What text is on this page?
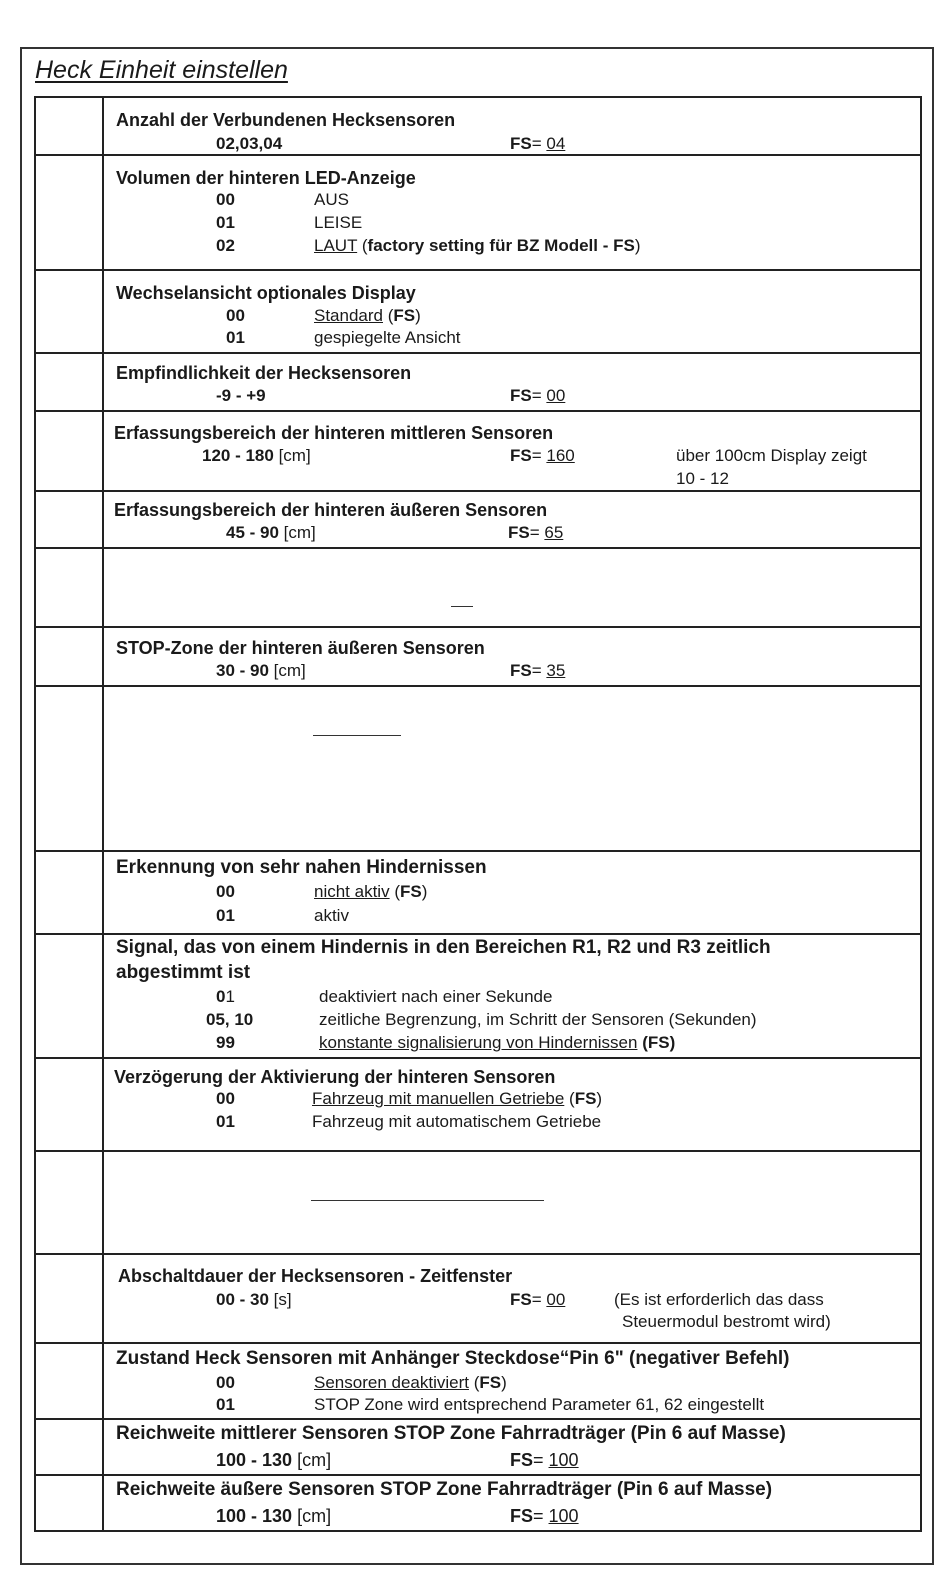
Heck Einheit einstellen
Anzahl der Verbundenen Hecksensoren
02,03,04	FS= 04
Volumen der hinteren LED-Anzeige
00	AUS
01	LEISE
02	LAUT (factory setting für BZ Modell - FS)
Wechselansicht optionales Display
00	Standard (FS)
01	gespiegelte Ansicht
Empfindlichkeit der Hecksensoren
-9 - +9	FS= 00
Erfassungsbereich der hinteren mittleren Sensoren
120 - 180 [cm]	FS= 160	über 100cm Display zeigt
10 - 12
Erfassungsbereich der hinteren äußeren Sensoren
45 - 90 [cm]	FS= 65
STOP-Zone der hinteren äußeren Sensoren
30 - 90 [cm]	FS= 35
Erkennung von sehr nahen Hindernissen
00	nicht aktiv (FS)
01	aktiv
Signal, das von einem Hindernis in den Bereichen R1, R2 und R3 zeitlich
abgestimmt ist
01	deaktiviert nach einer Sekunde
05, 10	zeitliche Begrenzung, im Schritt der Sensoren (Sekunden)
99	konstante signalisierung von Hindernissen (FS)
Verzögerung der Aktivierung der hinteren Sensoren
00	Fahrzeug mit manuellen Getriebe (FS)
01	Fahrzeug mit automatischem Getriebe
Abschaltdauer der Hecksensoren - Zeitfenster
00 - 30 [s]	FS= 00	(Es ist erforderlich das dass
Steuermodul bestromt wird)
Zustand Heck Sensoren mit Anhänger Steckdose“Pin 6" (negativer Befehl)
00	Sensoren deaktiviert (FS)
01	STOP Zone wird entsprechend Parameter 61, 62 eingestellt
Reichweite mittlerer Sensoren STOP Zone Fahrradträger (Pin 6 auf Masse)
100 - 130 [cm]	FS= 100
Reichweite äußere Sensoren STOP Zone Fahrradträger (Pin 6 auf Masse)
100 - 130 [cm]	FS= 100
